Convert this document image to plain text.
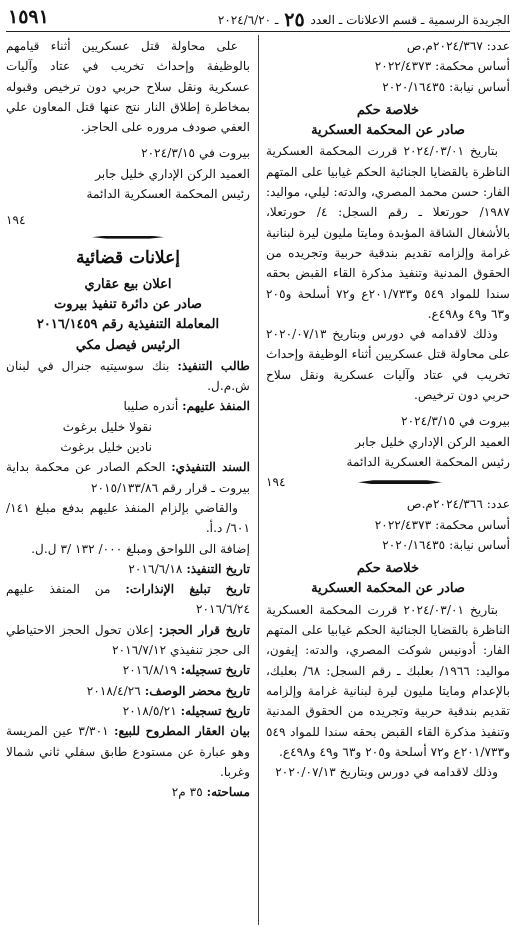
الجريدة الرسمية ـ قسم الاعلانات ـ العدد ٢٥ ـ ٢٠٢٤/٦/٢٠
١٥٩١

عدد: ٢٠٢٤/٣٦٧م.ص

أساس محكمة: ٢٠٢٢/٤٣٧٣

أساس نيابة: ٢٠٢٠/١٦٤٣٥

خلاصة حكم

صادر عن المحكمة العسكرية

بتاريخ ٢٠٢٤/٠٣/٠١ قررت المحكمة العسكرية الناظرة بالقضايا الجنائية الحكم غيابيا على المتهم الفار: حسن محمد المصري، والدته: ليلي، مواليد: ١٩٨٧/ حورتعلا ـ رقم السجل: ٤/ حورتعلا، بالأشغال الشاقة المؤبدة ومايتا مليون ليرة لبنانية غرامة وإلزامه تقديم بندقية حربية وتجريده من الحقوق المدنية وتنفيذ مذكرة القاء القبض بحقه سندا للمواد ٥٤٩ و٢٠١/٧٣٣ع و٧٢ أسلحة و٢٠٥ و٦٣ و٤٩ و٤٩٨ع.

وذلك لاقدامه في دورس وبتاريخ ٢٠٢٠/٠٧/١٣ على محاولة قتل عسكريين أثناء الوظيفة وإحداث تخريب في عتاد وآليات عسكرية ونقل سلاح حربي دون ترخيص.

بيروت في ٢٠٢٤/٣/١٥

العميد الركن الإداري خليل جابر

رئيس المحكمة العسكرية الدائمة

١٩٤

عدد: ٢٠٢٤/٣٦٦م.ص

أساس محكمة: ٢٠٢٢/٤٣٧٣

أساس نيابة: ٢٠٢٠/١٦٤٣٥

خلاصة حكم

صادر عن المحكمة العسكرية

بتاريخ ٢٠٢٤/٠٣/٠١ قررت المحكمة العسكرية الناظرة بالقضايا الجنائية الحكم غيابيا على المتهم الفار: أدونيس شوكت المصري، والدته: إيفون، مواليد: ١٩٦٦/ بعلبك ـ رقم السجل: ٦٨/ بعلبك، بالإعدام ومايتا مليون ليرة لبنانية غرامة وإلزامه تقديم بندقية حربية وتجريده من الحقوق المدنية وتنفيذ مذكرة القاء القبض بحقه سندا للمواد ٥٤٩ و٢٠١/٧٣٣ع و٧٢ أسلحة و٢٠٥ و٦٣ و٤٩ و٤٩٨ع.

وذلك لاقدامه في دورس وبتاريخ ٢٠٢٠/٠٧/١٣

على محاولة قتل عسكريين أثناء قيامهم بالوظيفة وإحداث تخريب في عتاد وآليات عسكرية ونقل سلاح حربي دون ترخيص وقبوله بمخاطرة إطلاق النار نتج عنها قتل المعاون علي العفي صودف مروره على الحاجز.

بيروت في ٢٠٢٤/٣/١٥

العميد الركن الإداري خليل جابر

رئيس المحكمة العسكرية الدائمة

١٩٤

إعلانات قضائية

اعلان بيع عقاري

صادر عن دائرة تنفيذ بيروت

المعاملة التنفيذية رقم ٢٠١٦/١٤٥٩

الرئيس فيصل مكي

طالب التنفيذ: بنك سوسيتيه جنرال في لبنان ش.م.ل.

المنفذ عليهم: أندره صليبا

نقولا خليل برغوث

نادين خليل برغوث

السند التنفيذي: الحكم الصادر عن محكمة بداية بيروت ـ قرار رقم ٢٠١٥/١٣٣/٨٦

والقاضي بإلزام المنفذ عليهم بدفع مبلغ ١٤١/ ٦٠١/ د.أ.

إضافة الى اللواحق ومبلغ ٠٠٠/ ١٣٢ /٣ ل.ل.

تاريخ التنفيذ: ٢٠١٦/٦/١٨

تاريخ تبليغ الإنذارات: من المنفذ عليهم ٢٠١٦/٦/٢٤

تاريخ قرار الحجز: إعلان تحول الحجز الاحتياطي الى حجز تنفيذي ٢٠١٦/٧/١٢

تاريخ تسجيله: ٢٠١٦/٨/١٩

تاريخ محضر الوصف: ٢٠١٨/٤/٢٦

تاريخ تسجيله: ٢٠١٨/٥/٢١

بيان العقار المطروح للبيع: ٣/٣٠١ عين المريسة وهو عبارة عن مستودع طابق سفلي ثاني شمالا وغربا.

مساحته: ٣٥ م٢
